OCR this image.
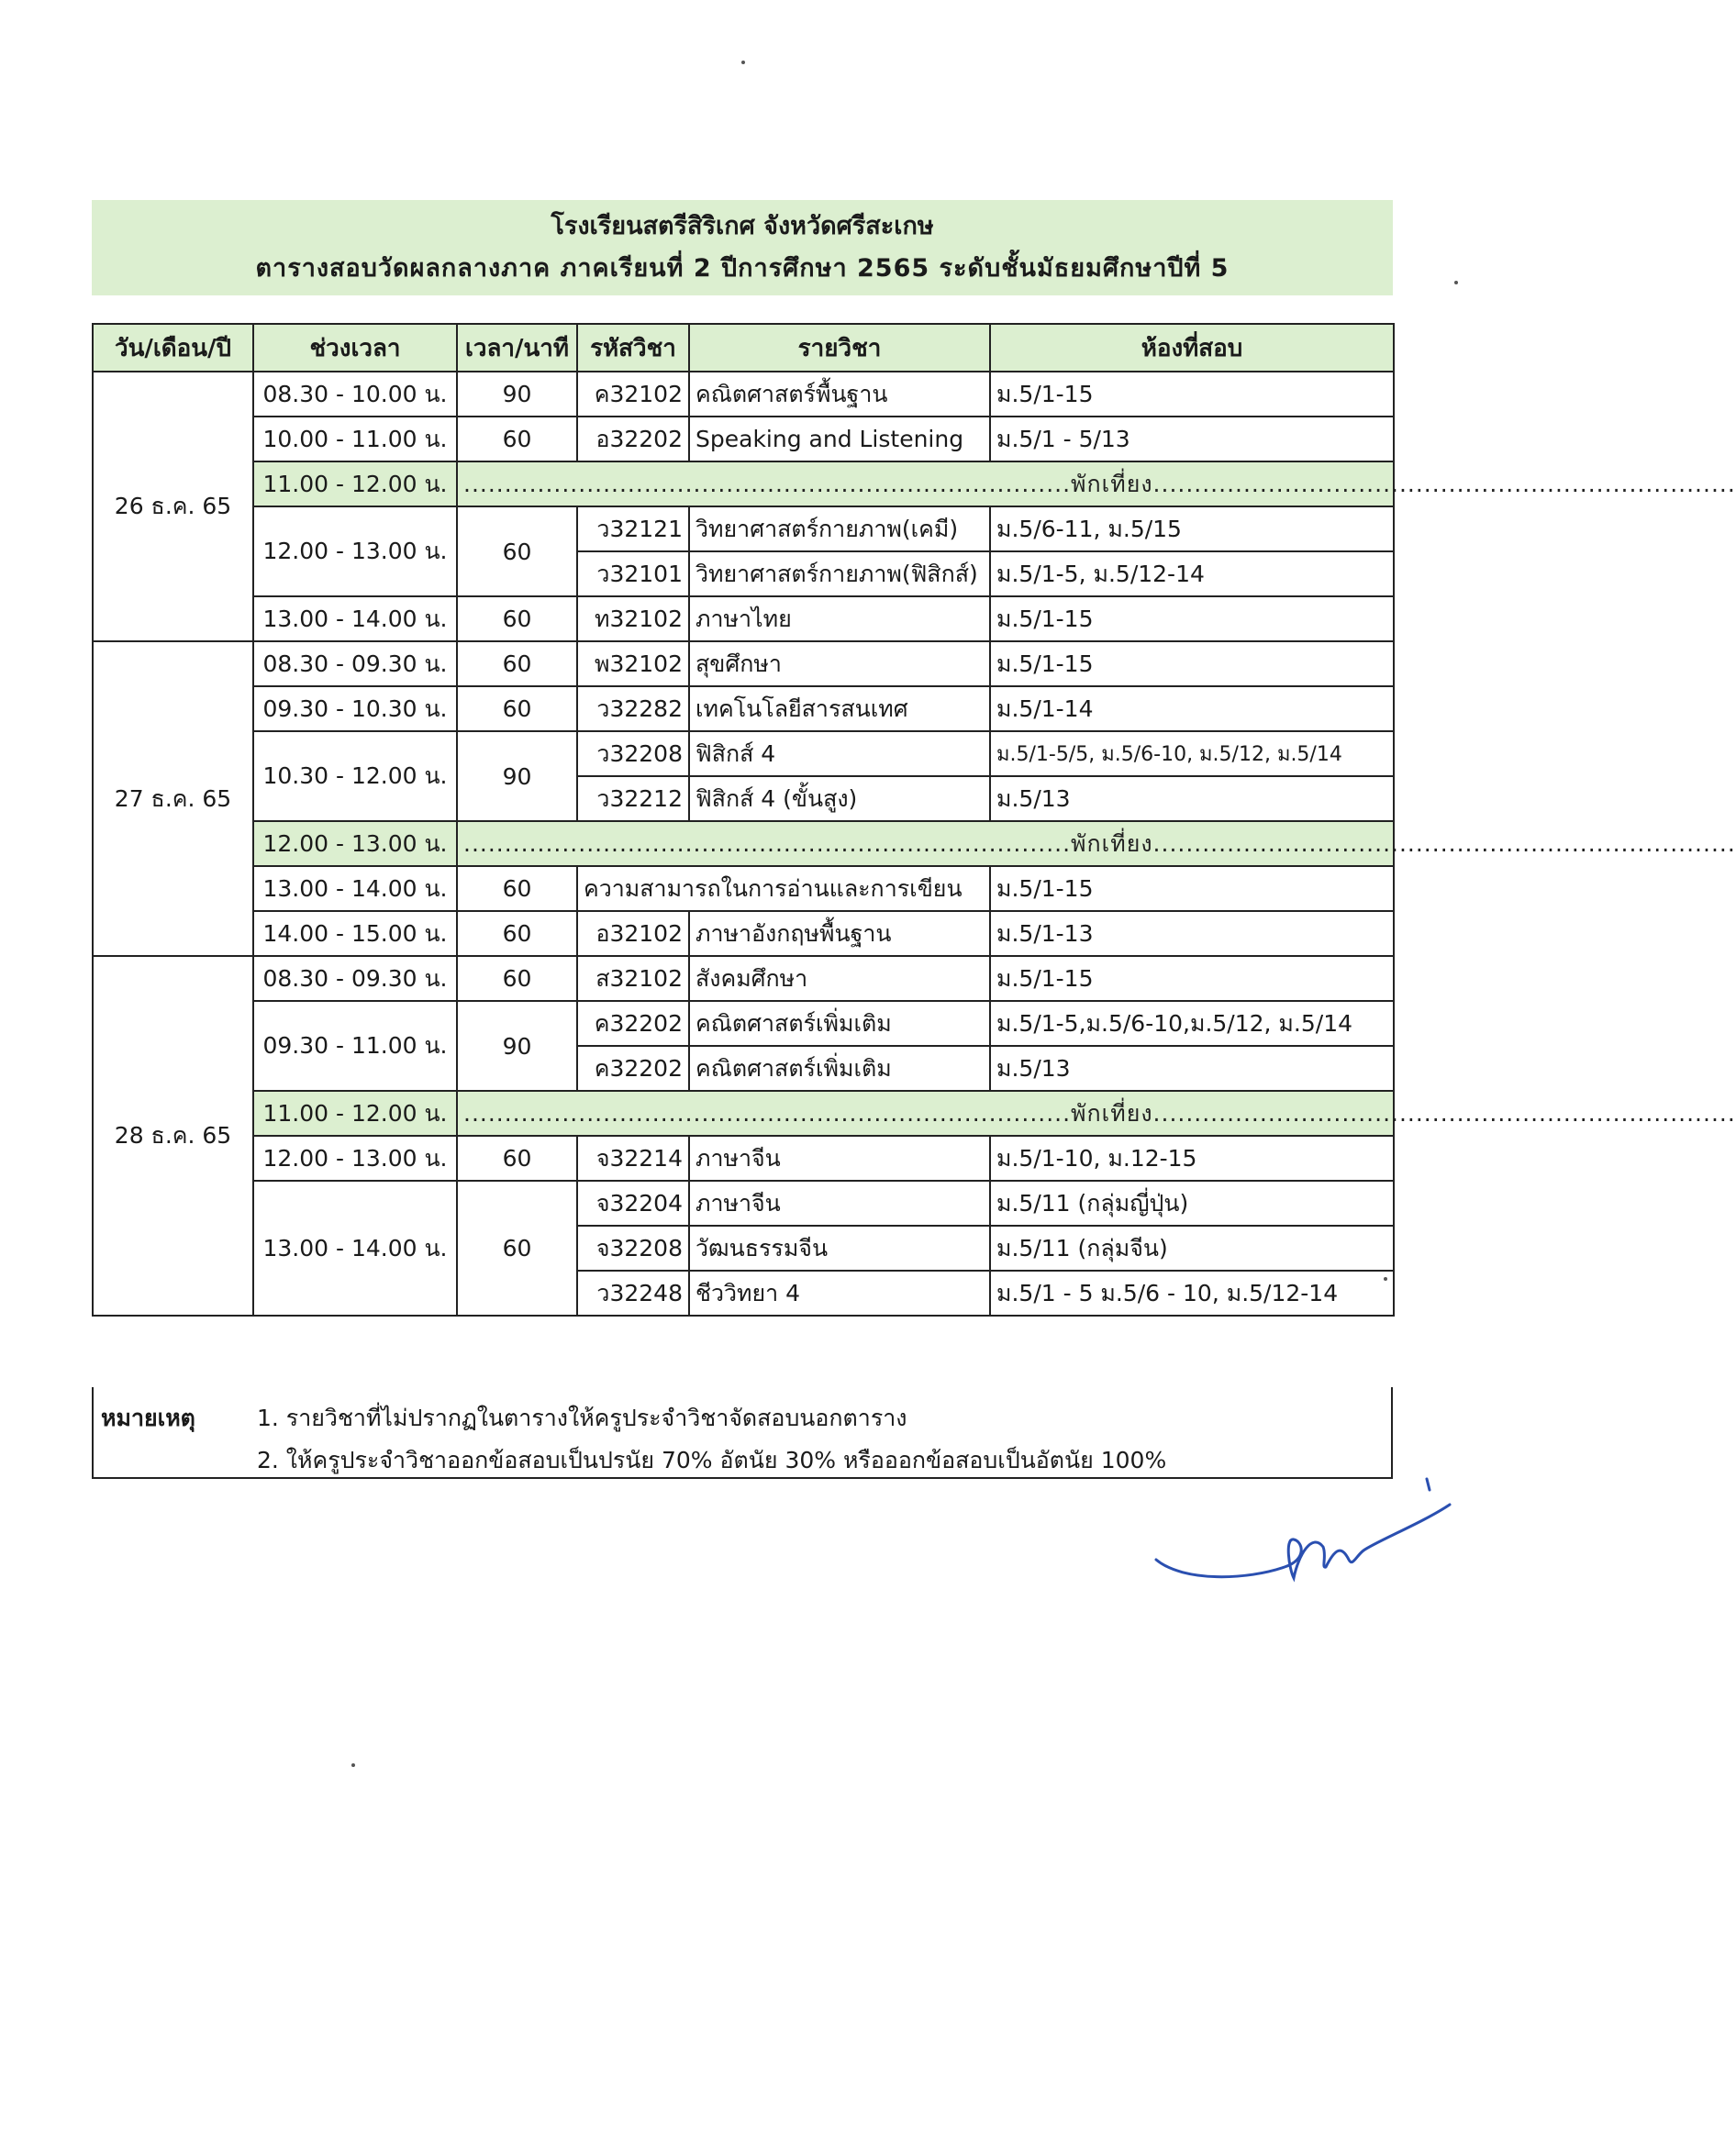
โรงเรียนสตรีสิริเกศ จังหวัดศรีสะเกษ
ตารางสอบวัดผลกลางภาค ภาคเรียนที่ 2 ปีการศึกษา 2565 ระดับชั้นมัธยมศึกษาปีที่ 5
วัน/เดือน/ปี	ช่วงเวลา	เวลา/นาที	รหัสวิชา	รายวิชา	ห้องที่สอบ
26 ธ.ค. 65	08.30 - 10.00 น.	90	ค32102	คณิตศาสตร์พื้นฐาน	ม.5/1-15
	10.00 - 11.00 น.	60	อ32202	Speaking and Listening	ม.5/1 - 5/13
	11.00 - 12.00 น.	..........................................................................พักเที่ยง.......................................................................			
	12.00 - 13.00 น.	60	ว32121	วิทยาศาสตร์กายภาพ(เคมี)	ม.5/6-11, ม.5/15
			ว32101	วิทยาศาสตร์กายภาพ(ฟิสิกส์)	ม.5/1-5, ม.5/12-14
	13.00 - 14.00 น.	60	ท32102	ภาษาไทย	ม.5/1-15
27 ธ.ค. 65	08.30 - 09.30 น.	60	พ32102	สุขศึกษา	ม.5/1-15
	09.30 - 10.30 น.	60	ว32282	เทคโนโลยีสารสนเทศ	ม.5/1-14
	10.30 - 12.00 น.	90	ว32208	ฟิสิกส์ 4	ม.5/1-5/5, ม.5/6-10, ม.5/12, ม.5/14
			ว32212	ฟิสิกส์ 4 (ขั้นสูง)	ม.5/13
	12.00 - 13.00 น.	..........................................................................พักเที่ยง.......................................................................			
	13.00 - 14.00 น.	60	ความสามารถในการอ่านและการเขียน		ม.5/1-15
	14.00 - 15.00 น.	60	อ32102	ภาษาอังกฤษพื้นฐาน	ม.5/1-13
28 ธ.ค. 65	08.30 - 09.30 น.	60	ส32102	สังคมศึกษา	ม.5/1-15
	09.30 - 11.00 น.	90	ค32202	คณิตศาสตร์เพิ่มเติม	ม.5/1-5,ม.5/6-10,ม.5/12, ม.5/14
			ค32202	คณิตศาสตร์เพิ่มเติม	ม.5/13
	11.00 - 12.00 น.	..........................................................................พักเที่ยง.......................................................................			
	12.00 - 13.00 น.	60	จ32214	ภาษาจีน	ม.5/1-10, ม.12-15
	13.00 - 14.00 น.	60	จ32204	ภาษาจีน	ม.5/11 (กลุ่มญี่ปุ่น)
			จ32208	วัฒนธรรมจีน	ม.5/11 (กลุ่มจีน)
			ว32248	ชีววิทยา 4	ม.5/1 - 5 ม.5/6 - 10, ม.5/12-14
หมายเหตุ	1. รายวิชาที่ไม่ปรากฏในตารางให้ครูประจำวิชาจัดสอบนอกตาราง
2. ให้ครูประจำวิชาออกข้อสอบเป็นปรนัย 70% อัตนัย 30% หรือออกข้อสอบเป็นอัตนัย 100%
